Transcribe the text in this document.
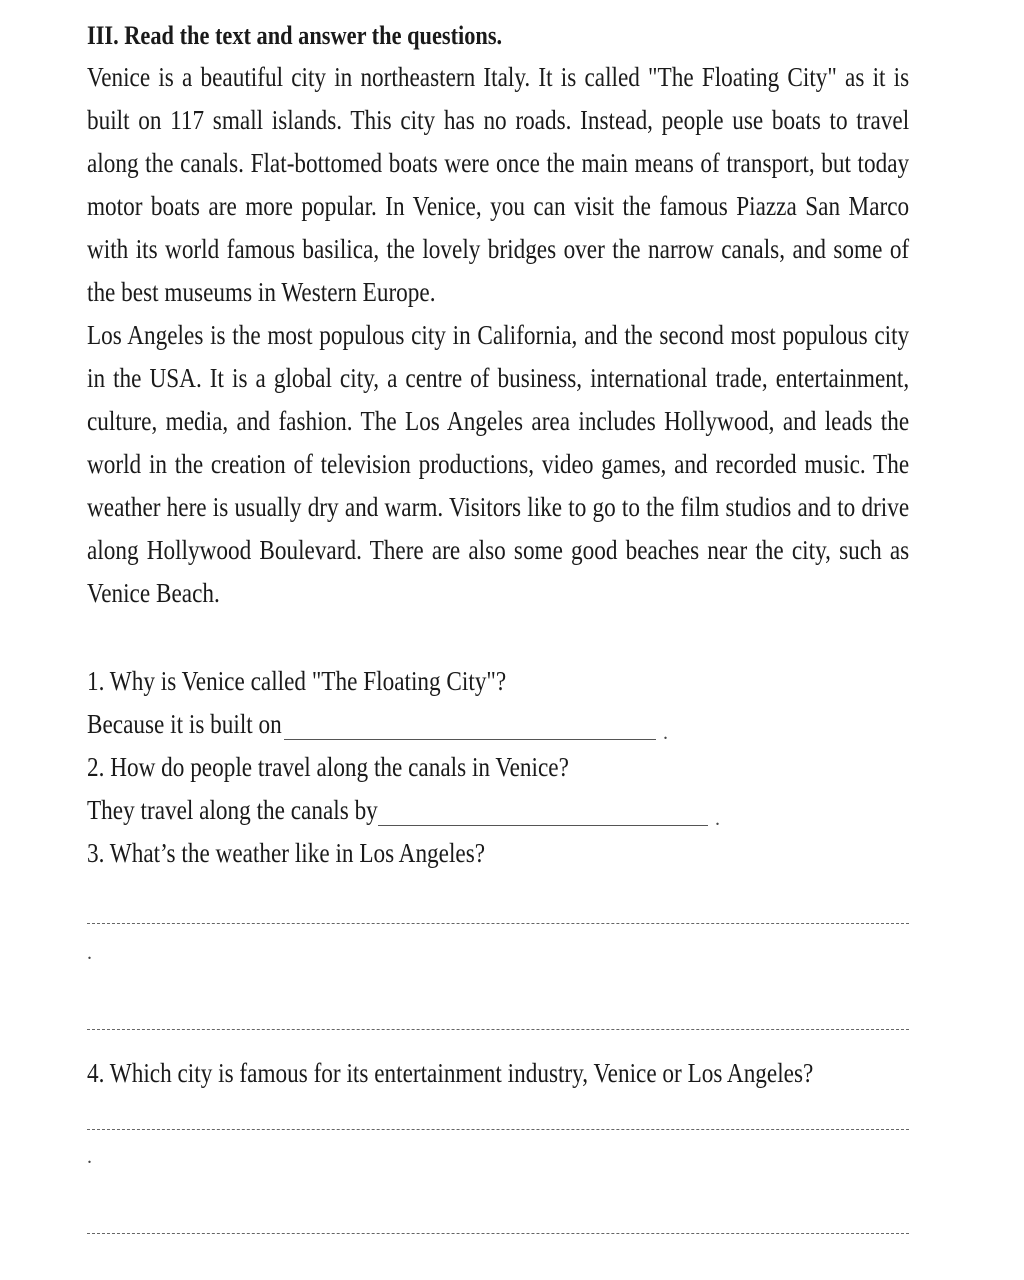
III. Read the text and answer the questions.

Venice is a beautiful city in northeastern Italy. It is called "The Floating City" as it is built on 117 small islands. This city has no roads. Instead, people use boats to travel along the canals. Flat-bottomed boats were once the main means of transport, but today motor boats are more popular. In Venice, you can visit the famous Piazza San Marco with its world famous basilica, the lovely bridges over the narrow canals, and some of the best museums in Western Europe.

Los Angeles is the most populous city in California, and the second most populous city in the USA. It is a global city, a centre of business, international trade, entertainment, culture, media, and fashion. The Los Angeles area includes Hollywood, and leads the world in the creation of television productions, video games, and recorded music. The weather here is usually dry and warm. Visitors like to go to the film studios and to drive along Hollywood Boulevard. There are also some good beaches near the city, such as Venice Beach.

1. Why is Venice called "The Floating City"?

Because it is built on	.

2. How do people travel along the canals in Venice?

They travel along the canals by	.

3. What’s the weather like in Los Angeles?

.

4. Which city is famous for its entertainment industry, Venice or Los Angeles?

.
